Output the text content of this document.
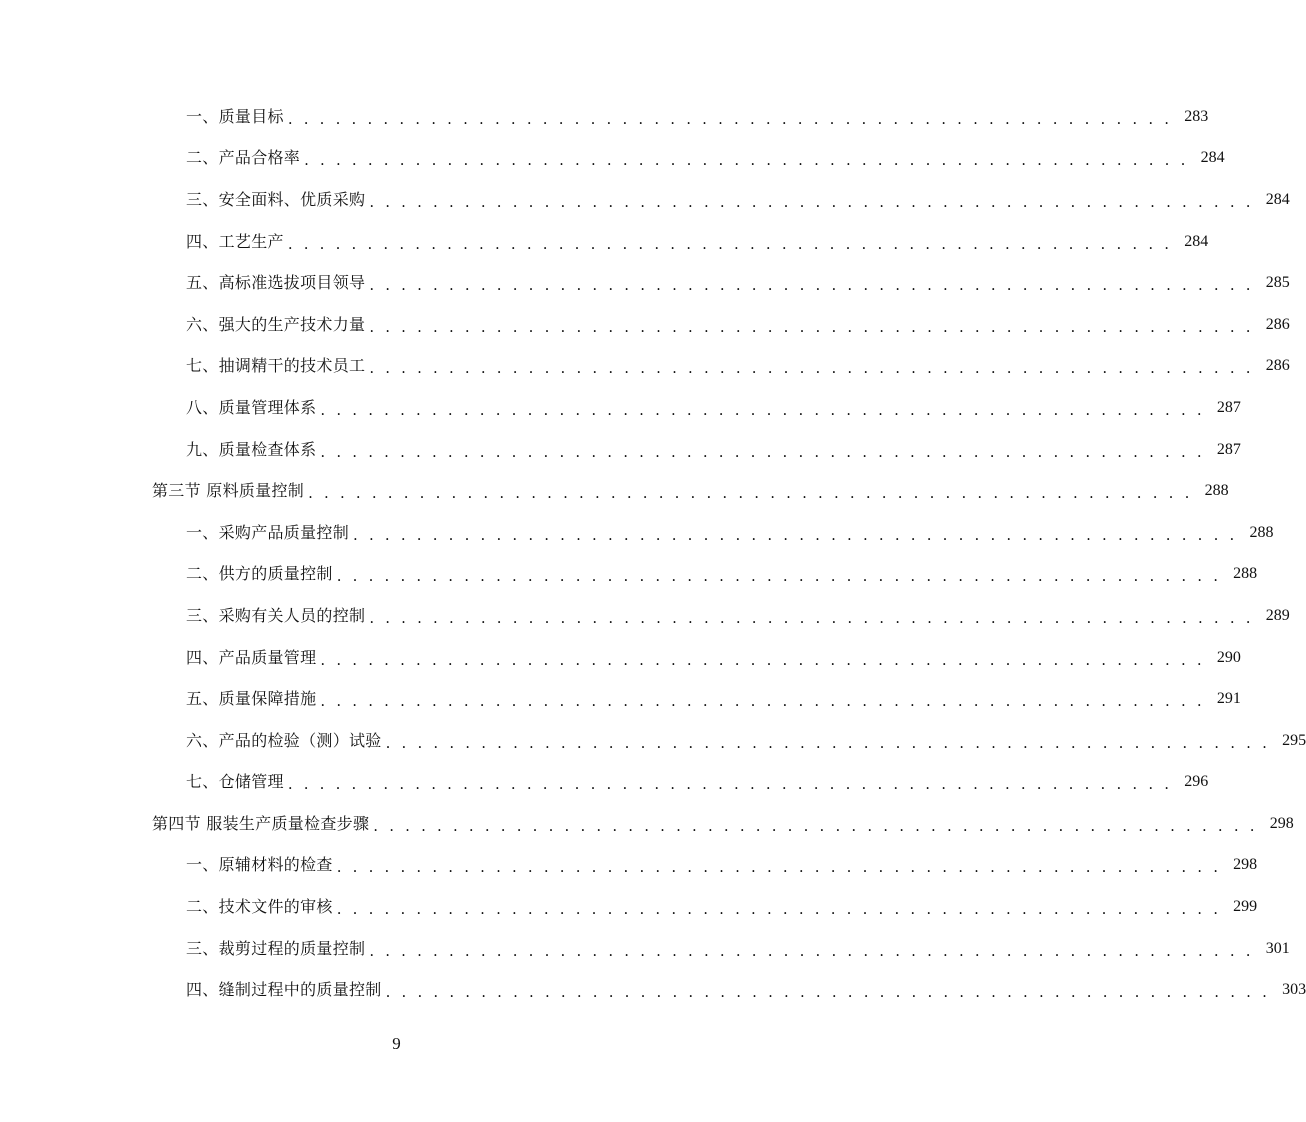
一、质量目标 . . . . . . . . . . . . . . . . . . . . . . . . . . . . . . . . . . . . . . . . . . . . . . . . . . . . . . . . 283
二、产品合格率 . . . . . . . . . . . . . . . . . . . . . . . . . . . . . . . . . . . . . . . . . . . . . . . . . . . . . . . . 284
三、安全面料、优质采购 . . . . . . . . . . . . . . . . . . . . . . . . . . . . . . . . . . . . . . . . . . . . . . . . . . . . . . . . 284
四、工艺生产 . . . . . . . . . . . . . . . . . . . . . . . . . . . . . . . . . . . . . . . . . . . . . . . . . . . . . . . . 284
五、高标准选拔项目领导 . . . . . . . . . . . . . . . . . . . . . . . . . . . . . . . . . . . . . . . . . . . . . . . . . . . . . . . . 285
六、强大的生产技术力量 . . . . . . . . . . . . . . . . . . . . . . . . . . . . . . . . . . . . . . . . . . . . . . . . . . . . . . . . 286
七、抽调精干的技术员工 . . . . . . . . . . . . . . . . . . . . . . . . . . . . . . . . . . . . . . . . . . . . . . . . . . . . . . . . 286
八、质量管理体系 . . . . . . . . . . . . . . . . . . . . . . . . . . . . . . . . . . . . . . . . . . . . . . . . . . . . . . . . 287
九、质量检查体系 . . . . . . . . . . . . . . . . . . . . . . . . . . . . . . . . . . . . . . . . . . . . . . . . . . . . . . . . 287
第三节 原料质量控制 . . . . . . . . . . . . . . . . . . . . . . . . . . . . . . . . . . . . . . . . . . . . . . . . . . . . . . . . 288
一、采购产品质量控制 . . . . . . . . . . . . . . . . . . . . . . . . . . . . . . . . . . . . . . . . . . . . . . . . . . . . . . . . 288
二、供方的质量控制 . . . . . . . . . . . . . . . . . . . . . . . . . . . . . . . . . . . . . . . . . . . . . . . . . . . . . . . . 288
三、采购有关人员的控制 . . . . . . . . . . . . . . . . . . . . . . . . . . . . . . . . . . . . . . . . . . . . . . . . . . . . . . . . 289
四、产品质量管理 . . . . . . . . . . . . . . . . . . . . . . . . . . . . . . . . . . . . . . . . . . . . . . . . . . . . . . . . 290
五、质量保障措施 . . . . . . . . . . . . . . . . . . . . . . . . . . . . . . . . . . . . . . . . . . . . . . . . . . . . . . . . 291
六、产品的检验（测）试验 . . . . . . . . . . . . . . . . . . . . . . . . . . . . . . . . . . . . . . . . . . . . . . . . . . . . . . . . 295
七、仓储管理 . . . . . . . . . . . . . . . . . . . . . . . . . . . . . . . . . . . . . . . . . . . . . . . . . . . . . . . . 296
第四节 服装生产质量检查步骤 . . . . . . . . . . . . . . . . . . . . . . . . . . . . . . . . . . . . . . . . . . . . . . . . . . . . . . . . 298
一、原辅材料的检查 . . . . . . . . . . . . . . . . . . . . . . . . . . . . . . . . . . . . . . . . . . . . . . . . . . . . . . . . 298
二、技术文件的审核 . . . . . . . . . . . . . . . . . . . . . . . . . . . . . . . . . . . . . . . . . . . . . . . . . . . . . . . . 299
三、裁剪过程的质量控制 . . . . . . . . . . . . . . . . . . . . . . . . . . . . . . . . . . . . . . . . . . . . . . . . . . . . . . . . 301
四、缝制过程中的质量控制 . . . . . . . . . . . . . . . . . . . . . . . . . . . . . . . . . . . . . . . . . . . . . . . . . . . . . . . . 303
9
